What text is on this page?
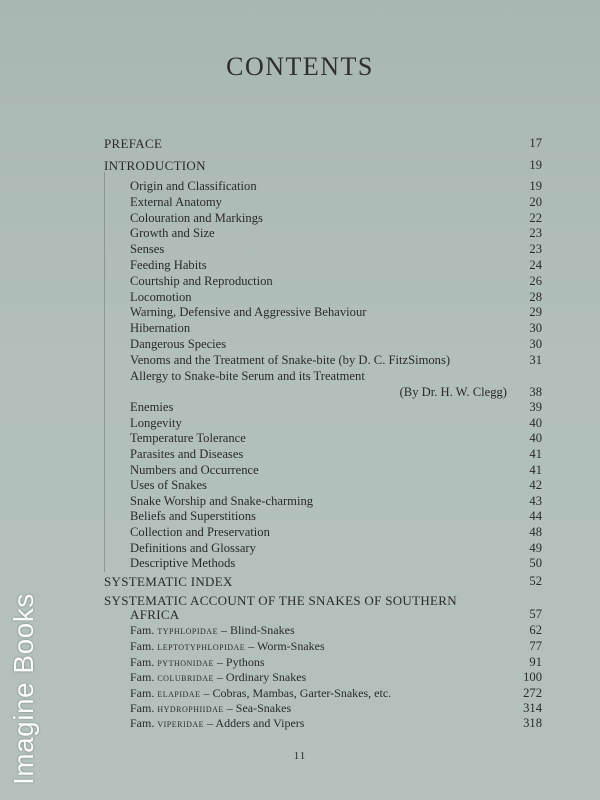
CONTENTS
PREFACE	17
INTRODUCTION	19
Origin and Classification	19
External Anatomy	20
Colouration and Markings	22
Growth and Size	23
Senses	23
Feeding Habits	24
Courtship and Reproduction	26
Locomotion	28
Warning, Defensive and Aggressive Behaviour	29
Hibernation	30
Dangerous Species	30
Venoms and the Treatment of Snake-bite (by D. C. FitzSimons)	31
Allergy to Snake-bite Serum and its Treatment
(By Dr. H. W. Clegg) 38
Enemies	39
Longevity	40
Temperature Tolerance	40
Parasites and Diseases	41
Numbers and Occurrence	41
Uses of Snakes	42
Snake Worship and Snake-charming	43
Beliefs and Superstitions	44
Collection and Preservation	48
Definitions and Glossary	49
Descriptive Methods	50
SYSTEMATIC INDEX	52
SYSTEMATIC ACCOUNT OF THE SNAKES OF SOUTHERN
AFRICA	57
Fam. typhlopidae – Blind-Snakes	62
Fam. leptotyphlopidae – Worm-Snakes	77
Fam. pythonidae – Pythons	91
Fam. colubridae – Ordinary Snakes	100
Fam. elapidae – Cobras, Mambas, Garter-Snakes, etc.	272
Fam. hydrophiidae – Sea-Snakes	314
Fam. viperidae – Adders and Vipers	318
11
Imagine Books
